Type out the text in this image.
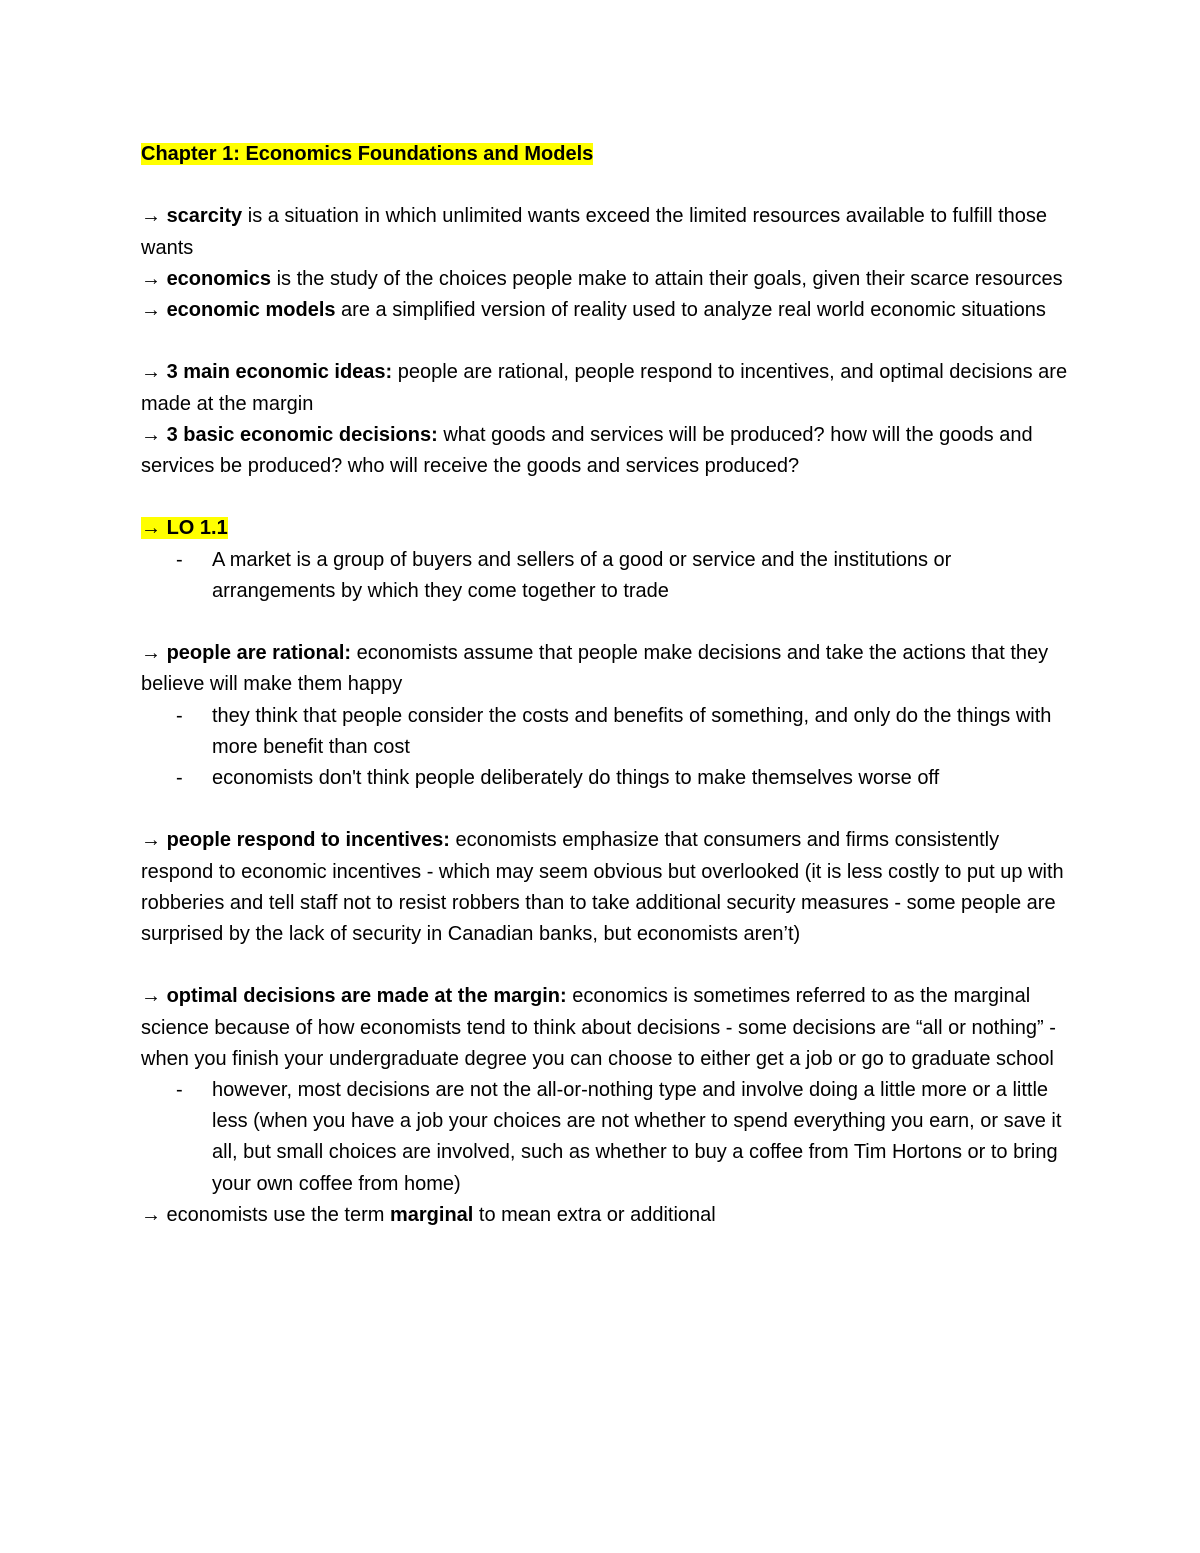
Chapter 1: Economics Foundations and Models

→ scarcity is a situation in which unlimited wants exceed the limited resources available to fulfill those wants

→ economics is the study of the choices people make to attain their goals, given their scarce resources

→ economic models are a simplified version of reality used to analyze real world economic situations

→ 3 main economic ideas: people are rational, people respond to incentives, and optimal decisions are made at the margin

→ 3 basic economic decisions: what goods and services will be produced? how will the goods and services be produced? who will receive the goods and services produced?

→ LO 1.1

- A market is a group of buyers and sellers of a good or service and the institutions or arrangements by which they come together to trade

→ people are rational: economists assume that people make decisions and take the actions that they believe will make them happy

- they think that people consider the costs and benefits of something, and only do the things with more benefit than cost
- economists don't think people deliberately do things to make themselves worse off

→ people respond to incentives: economists emphasize that consumers and firms consistently respond to economic incentives - which may seem obvious but overlooked (it is less costly to put up with robberies and tell staff not to resist robbers than to take additional security measures - some people are surprised by the lack of security in Canadian banks, but economists aren’t)

→ optimal decisions are made at the margin: economics is sometimes referred to as the marginal science because of how economists tend to think about decisions - some decisions are “all or nothing” - when you finish your undergraduate degree you can choose to either get a job or go to graduate school

- however, most decisions are not the all-or-nothing type and involve doing a little more or a little less (when you have a job your choices are not whether to spend everything you earn, or save it all, but small choices are involved, such as whether to buy a coffee from Tim Hortons or to bring your own coffee from home)

→ economists use the term marginal to mean extra or additional
